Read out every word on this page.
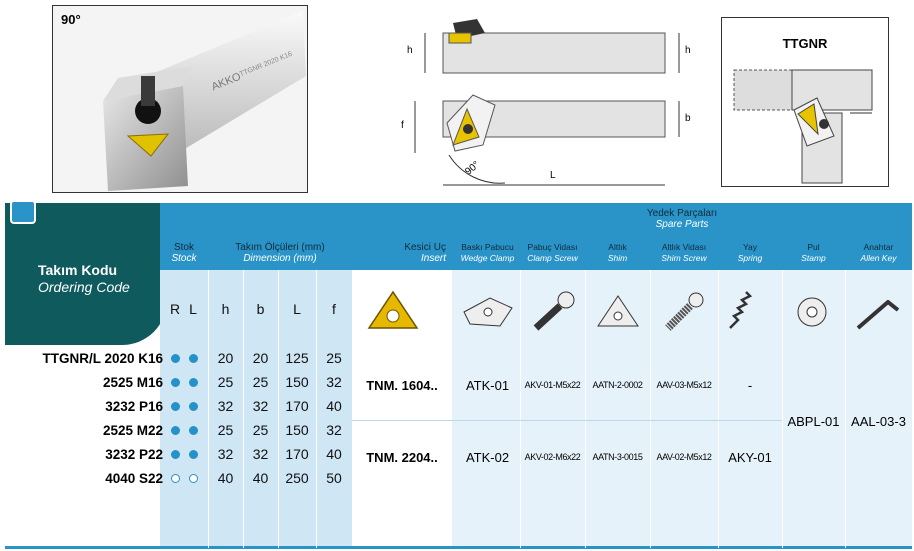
90°
AKKO
TTGNR 2020 K16
h	h
f
b
L
90°
TTGNR
Takım Kodu
Ordering Code
Stok
Stock
Takım Ölçüleri (mm)
Dimension (mm)
Kesici Uç
Insert
Yedek Parçaları
Spare Parts
Baskı Pabucu
Wedge Clamp
Pabuç Vidası
Clamp Screw
Altlık
Shim
Altlık Vidası
Shim Screw
Yay
Spring
Pul
Stamp
Anahtar
Allen Key
R L	h	b	L	f
TTGNR/L 2020 K16	20	20	125	25
2525 M16	25	25	150	32
3232 P16	32	32	170	40
2525 M22	25	25	150	32
3232 P22	32	32	170	40
4040 S22	40	40	250	50
TNM. 1604..	ATK-01	AKV-01-M5x22	AATN-2-0002	AAV-03-M5x12	-
TNM. 2204..	ATK-02	AKV-02-M6x22	AATN-3-0015	AAV-02-M5x12	AKY-01
ABPL-01 AAL-03-3
